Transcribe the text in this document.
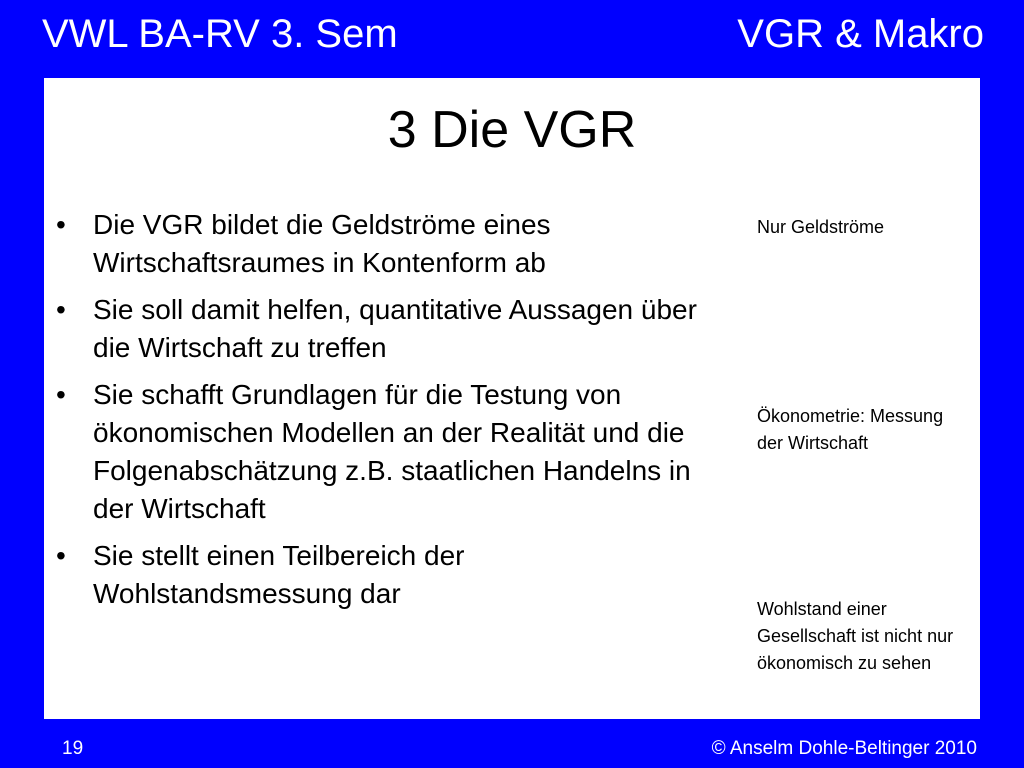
VWL BA-RV 3. Sem	VGR & Makro
3 Die VGR
• Die VGR bildet die Geldströme eines Wirtschaftsraumes in Kontenform ab
• Sie soll damit helfen, quantitative Aussagen über die Wirtschaft zu treffen
• Sie schafft Grundlagen für die Testung von ökonomischen Modellen an der Realität und die Folgenabschätzung z.B. staatlichen Handelns in der Wirtschaft
• Sie stellt einen Teilbereich der Wohlstandsmessung dar
Nur Geldströme
Ökonometrie: Messung der Wirtschaft
Wohlstand einer Gesellschaft ist nicht nur ökonomisch zu sehen
19	© Anselm Dohle-Beltinger 2010
